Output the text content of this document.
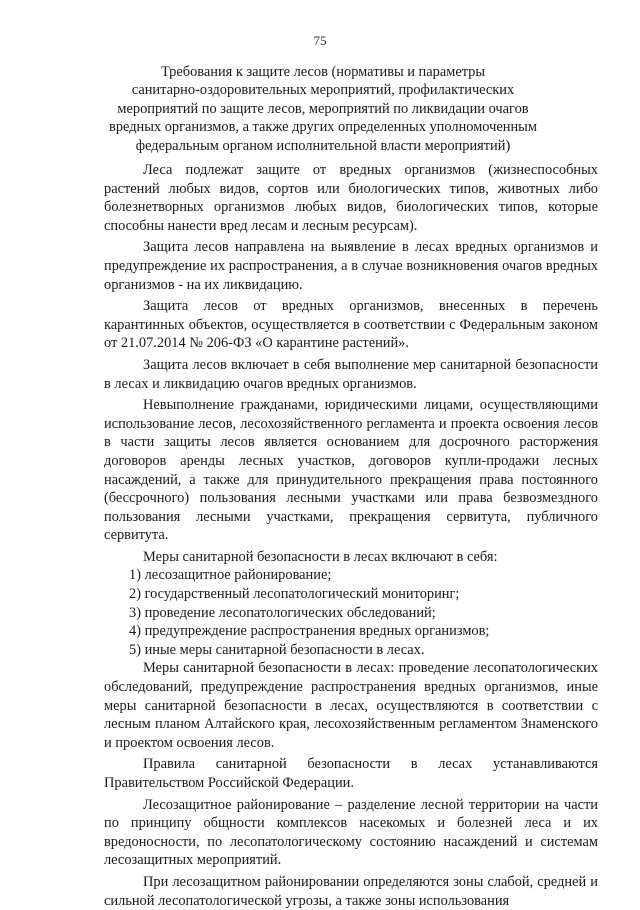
75
Требования к защите лесов (нормативы и параметры
санитарно-оздоровительных мероприятий, профилактических
мероприятий по защите лесов, мероприятий по ликвидации очагов
вредных организмов, а также других определенных уполномоченным
федеральным органом исполнительной власти мероприятий)

Леса подлежат защите от вредных организмов (жизнеспособных растений любых видов, сортов или биологических типов, животных либо болезнетворных организмов любых видов, биологических типов, которые способны нанести вред лесам и лесным ресурсам).

Защита лесов направлена на выявление в лесах вредных организмов и предупреждение их распространения, а в случае возникновения очагов вредных организмов - на их ликвидацию.

Защита лесов от вредных организмов, внесенных в перечень карантинных объектов, осуществляется в соответствии с Федеральным законом от 21.07.2014 № 206-ФЗ «О карантине растений».

Защита лесов включает в себя выполнение мер санитарной безопасности в лесах и ликвидацию очагов вредных организмов.

Невыполнение гражданами, юридическими лицами, осуществляющими использование лесов, лесохозяйственного регламента и проекта освоения лесов в части защиты лесов является основанием для досрочного расторжения договоров аренды лесных участков, договоров купли-продажи лесных насаждений, а также для принудительного прекращения права постоянного (бессрочного) пользования лесными участками или права безвозмездного пользования лесными участками, прекращения сервитута, публичного сервитута.

Меры санитарной безопасности в лесах включают в себя:

1) лесозащитное районирование;

2) государственный лесопатологический мониторинг;

3) проведение лесопатологических обследований;

4) предупреждение распространения вредных организмов;

5) иные меры санитарной безопасности в лесах.

Меры санитарной безопасности в лесах: проведение лесопатологических обследований, предупреждение распространения вредных организмов, иные меры санитарной безопасности в лесах, осуществляются в соответствии с лесным планом Алтайского края, лесохозяйственным регламентом Знаменского и проектом освоения лесов.

Правила санитарной безопасности в лесах устанавливаются Правительством Российской Федерации.

Лесозащитное районирование – разделение лесной территории на части по принципу общности комплексов насекомых и болезней леса и их вредоносности, по лесопатологическому состоянию насаждений и системам лесозащитных мероприятий.

При лесозащитном районировании определяются зоны слабой, средней и сильной лесопатологической угрозы, а также зоны использования
